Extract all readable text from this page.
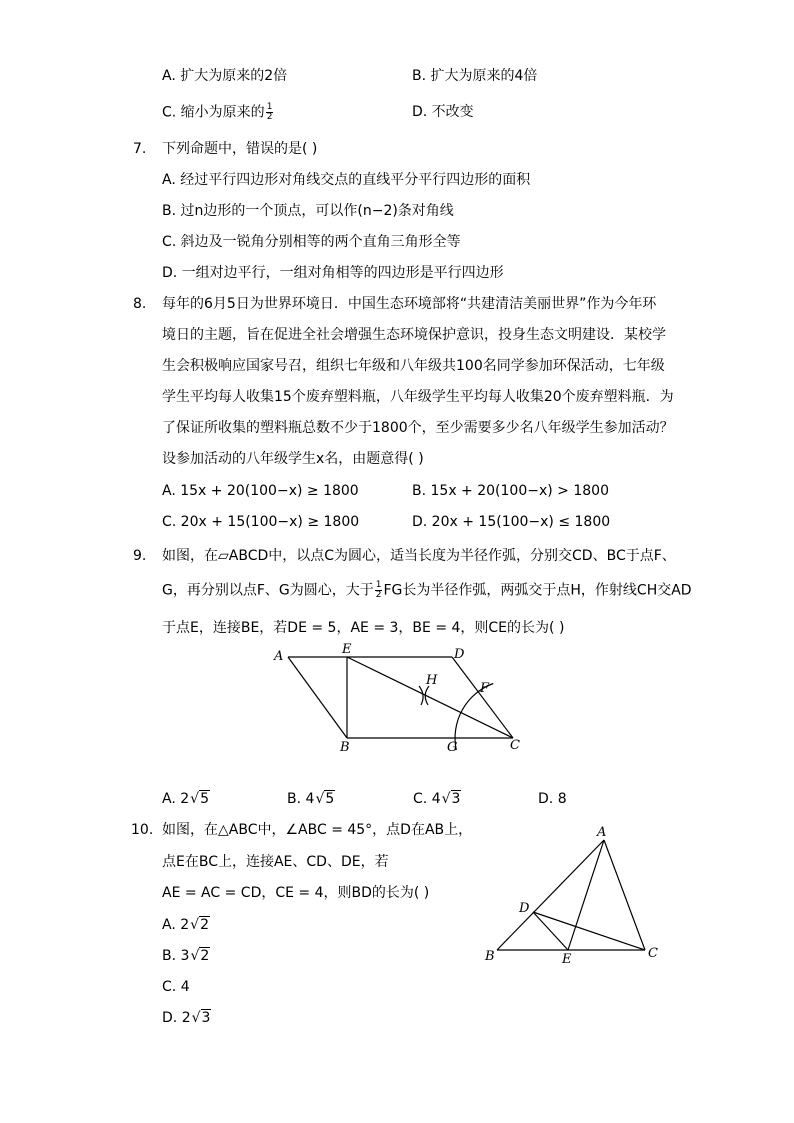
A. 扩大为原来的2倍	B. 扩大为原来的4倍
C. 缩小为原来的 $\frac{1}{2}$	D. 不改变
7. 下列命题中，错误的是( )
A. 经过平行四边形对角线交点的直线平分平行四边形的面积
B. 过n边形的一个顶点，可以作(n−2)条对角线
C. 斜边及一锐角分别相等的两个直角三角形全等
D. 一组对边平行，一组对角相等的四边形是平行四边形
8. 每年的6月5日为世界环境日．中国生态环境部将“共建清洁美丽世界”作为今年环
境日的主题，旨在促进全社会增强生态环境保护意识，投身生态文明建设．某校学
生会积极响应国家号召，组织七年级和八年级共100名同学参加环保活动，七年级
学生平均每人收集15个废弃塑料瓶，八年级学生平均每人收集20个废弃塑料瓶．为
了保证所收集的塑料瓶总数不少于1800个，至少需要多少名八年级学生参加活动？
设参加活动的八年级学生x名，由题意得( )
A. 15x + 20(100−x) ≥ 1800	B. 15x + 20(100−x) > 1800
C. 20x + 15(100−x) ≥ 1800	D. 20x + 15(100−x) ≤ 1800
9. 如图，在▱ABCD中，以点C为圆心，适当长度为半径作弧，分别交CD、BC于点F、
G，再分别以点F、G为圆心，大于 $\frac{1}{2}$ FG长为半径作弧，两弧交于点H，作射线CH交AD
于点E，连接BE，若DE = 5，AE = 3，BE = 4，则CE的长为( )
A	E	D
H
F
B	G	C
A. 2√5	B. 4√5	C. 4√3	D. 8
10. 如图，在△ABC中，∠ABC = 45°，点D在AB上，
点E在BC上，连接AE、CD、DE，若
AE = AC = CD，CE = 4，则BD的长为( )
A. 2√2
B. 3√2
C. 4
D. 2√3
A
D
B	E	C
